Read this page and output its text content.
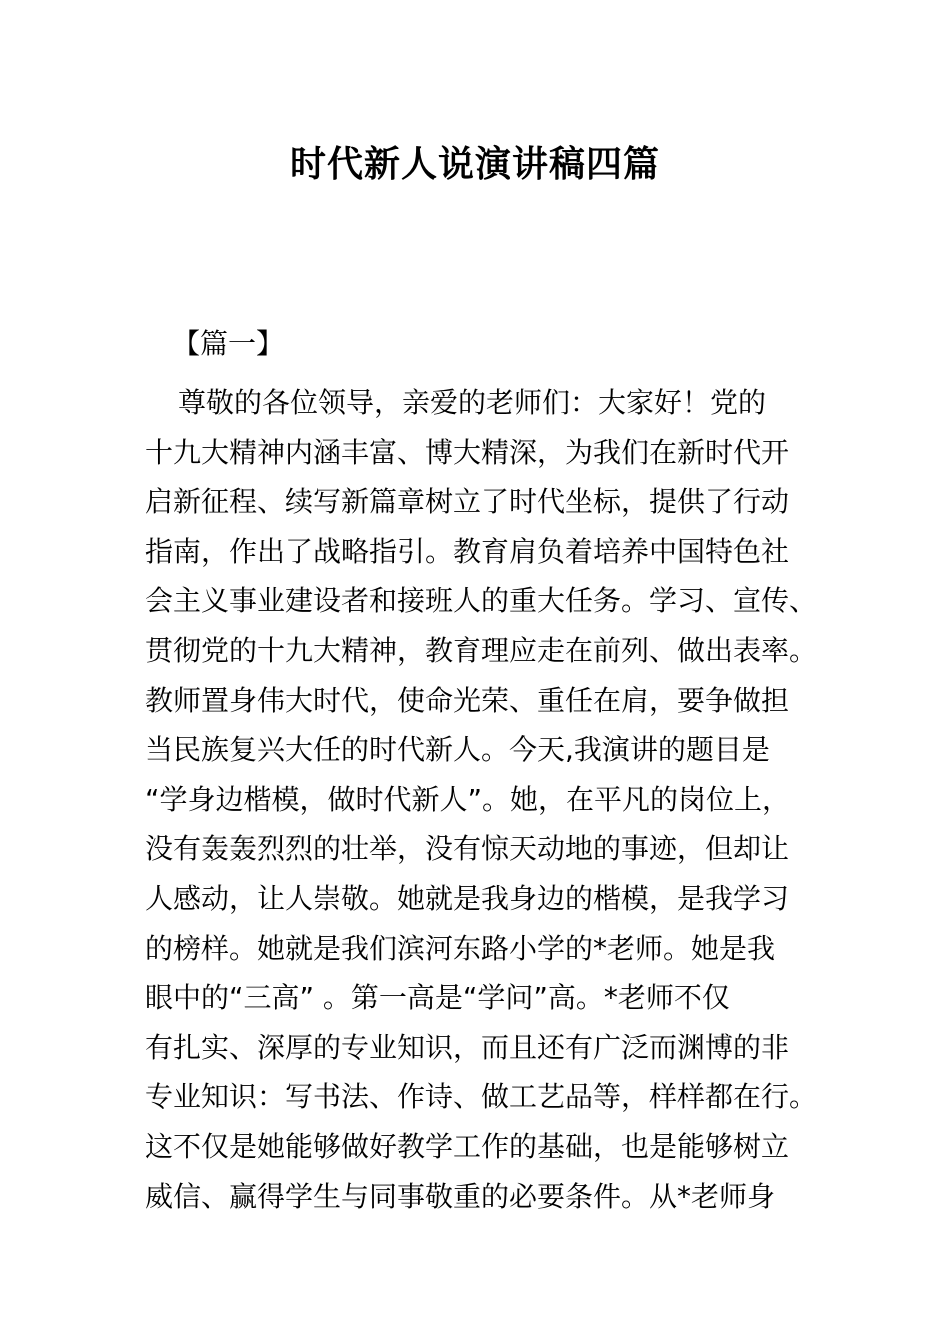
时代新人说演讲稿四篇

【篇一】

尊敬的各位领导，亲爱的老师们：大家好！党的
十九大精神内涵丰富、博大精深，为我们在新时代开
启新征程、续写新篇章树立了时代坐标，提供了行动
指南，作出了战略指引。教育肩负着培养中国特色社
会主义事业建设者和接班人的重大任务。学习、宣传、
贯彻党的十九大精神，教育理应走在前列、做出表率。
教师置身伟大时代，使命光荣、重任在肩，要争做担
当民族复兴大任的时代新人。今天,我演讲的题目是
“学身边楷模，做时代新人”。她，在平凡的岗位上，
没有轰轰烈烈的壮举，没有惊天动地的事迹，但却让
人感动，让人崇敬。她就是我身边的楷模，是我学习
的榜样。她就是我们滨河东路小学的*老师。她是我
眼中的“三高” 。第一高是“学问”高。*老师不仅
有扎实、深厚的专业知识，而且还有广泛而渊博的非
专业知识：写书法、作诗、做工艺品等，样样都在行。
这不仅是她能够做好教学工作的基础，也是能够树立
威信、赢得学生与同事敬重的必要条件。从*老师身
